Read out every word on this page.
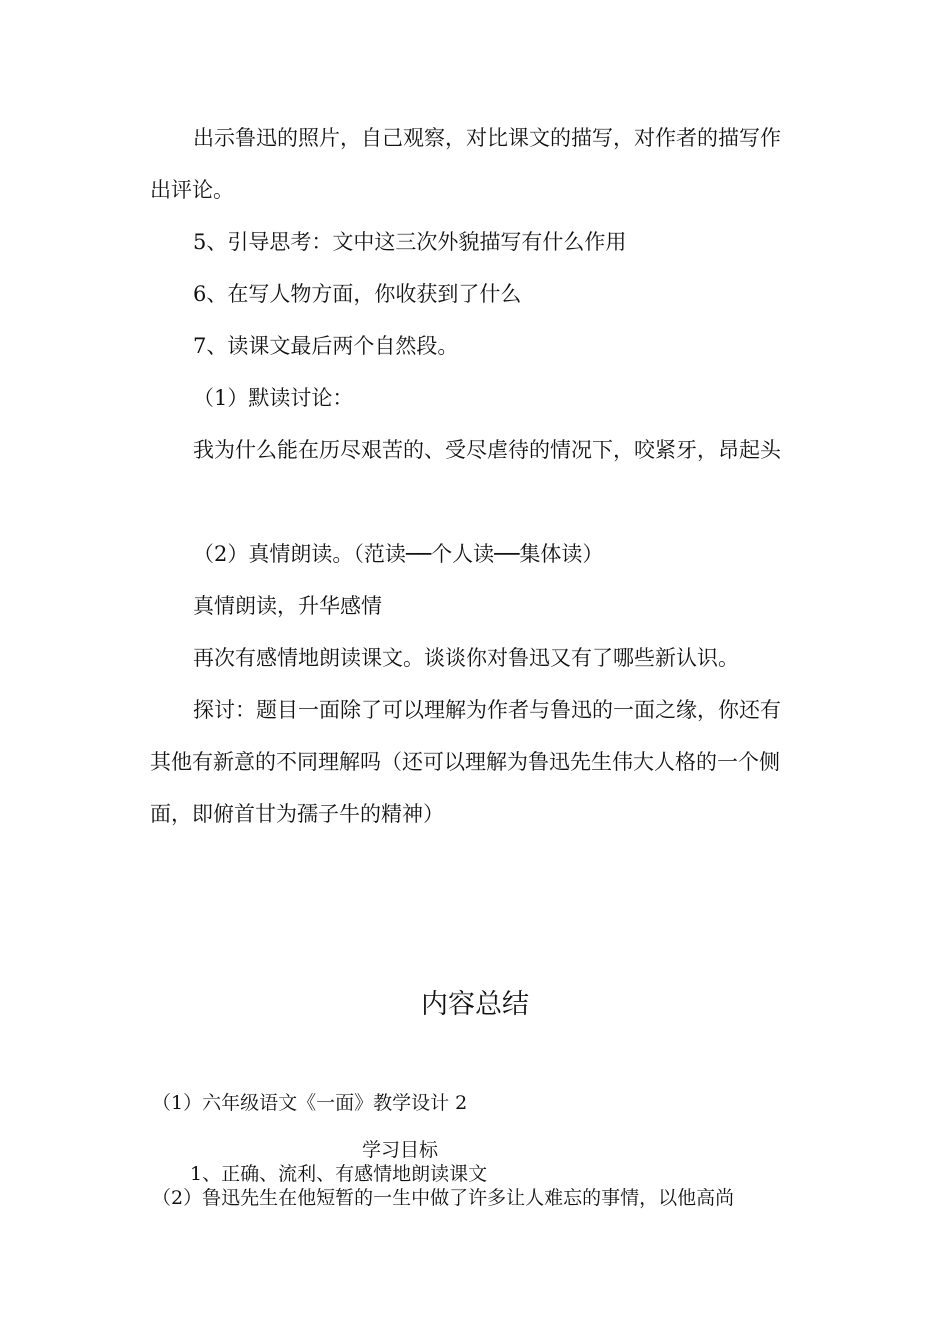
出示鲁迅的照片，自己观察，对比课文的描写，对作者的描写作出评论。

5、引导思考：文中这三次外貌描写有什么作用

6、在写人物方面，你收获到了什么

7、读课文最后两个自然段。

（1）默读讨论：

我为什么能在历尽艰苦的、受尽虐待的情况下，咬紧牙，昂起头

（2）真情朗读。（范读──个人读──集体读）

真情朗读，升华感情

再次有感情地朗读课文。谈谈你对鲁迅又有了哪些新认识。

探讨：题目一面除了可以理解为作者与鲁迅的一面之缘，你还有其他有新意的不同理解吗（还可以理解为鲁迅先生伟大人格的一个侧面，即俯首甘为孺子牛的精神）

内容总结

（1）六年级语文《一面》教学设计 2

学习目标

1、正确、流利、有感情地朗读课文

（2）鲁迅先生在他短暂的一生中做了许多让人难忘的事情，以他高尚
